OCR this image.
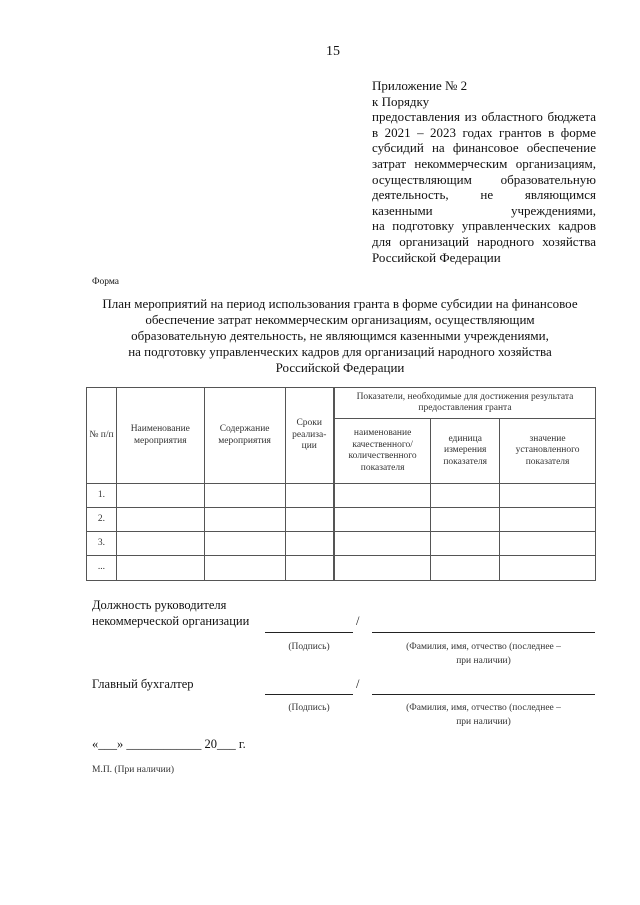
15
Приложение № 2
к Порядку
предоставления из областного бюджета
в 2021 – 2023 годах грантов в форме
субсидий на финансовое обеспечение
затрат некоммерческим организациям,
осуществляющим образовательную
деятельность, не являющимся
казенными учреждениями,
на подготовку управленческих кадров
для организаций народного хозяйства
Российской Федерации
Форма
План мероприятий на период использования гранта в форме субсидии на финансовое
обеспечение затрат некоммерческим организациям, осуществляющим
образовательную деятельность, не являющимся казенными учреждениями,
на подготовку управленческих кадров для организаций народного хозяйства
Российской Федерации
№ п/п	Наименование мероприятия	Содержание мероприятия	Сроки реализа-ции	Показатели, необходимые для достижения результата предоставления гранта		
				наименование качественного/ количественного показателя	единица измерения показателя	значение установленного показателя
1.						
2.						
3.						
...						
Должность руководителя
некоммерческой организации	/
(Подпись)	(Фамилия, имя, отчество (последнее –
при наличии)
Главный бухгалтер	/
(Подпись)	(Фамилия, имя, отчество (последнее –
при наличии)
«___» ____________ 20___ г.
М.П. (При наличии)
